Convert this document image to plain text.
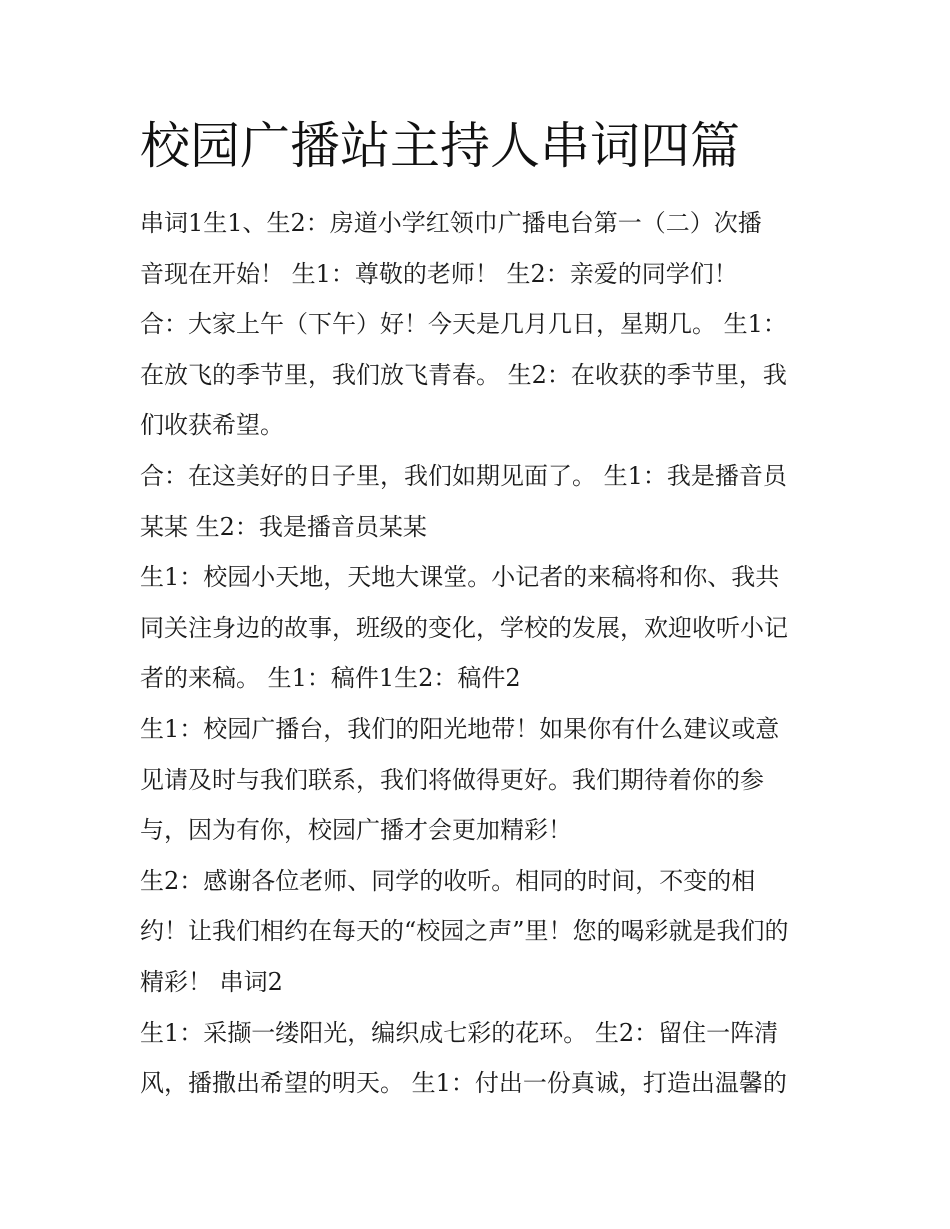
校园广播站主持人串词四篇

串词1生1、生2：房道小学红领巾广播电台第一（二）次播

音现在开始！ 生1：尊敬的老师！ 生2：亲爱的同学们！

合：大家上午（下午）好！今天是几月几日，星期几。 生1：

在放飞的季节里，我们放飞青春。 生2：在收获的季节里，我

们收获希望。

合：在这美好的日子里，我们如期见面了。 生1：我是播音员

某某 生2：我是播音员某某

生1：校园小天地，天地大课堂。小记者的来稿将和你、我共

同关注身边的故事，班级的变化，学校的发展，欢迎收听小记

者的来稿。 生1：稿件1生2：稿件2

生1：校园广播台，我们的阳光地带！如果你有什么建议或意

见请及时与我们联系，我们将做得更好。我们期待着你的参

与，因为有你，校园广播才会更加精彩！

生2：感谢各位老师、同学的收听。相同的时间，不变的相

约！让我们相约在每天的“校园之声”里！您的喝彩就是我们的

精彩！ 串词2

生1：采撷一缕阳光，编织成七彩的花环。 生2：留住一阵清

风，播撒出希望的明天。 生1：付出一份真诚，打造出温馨的
